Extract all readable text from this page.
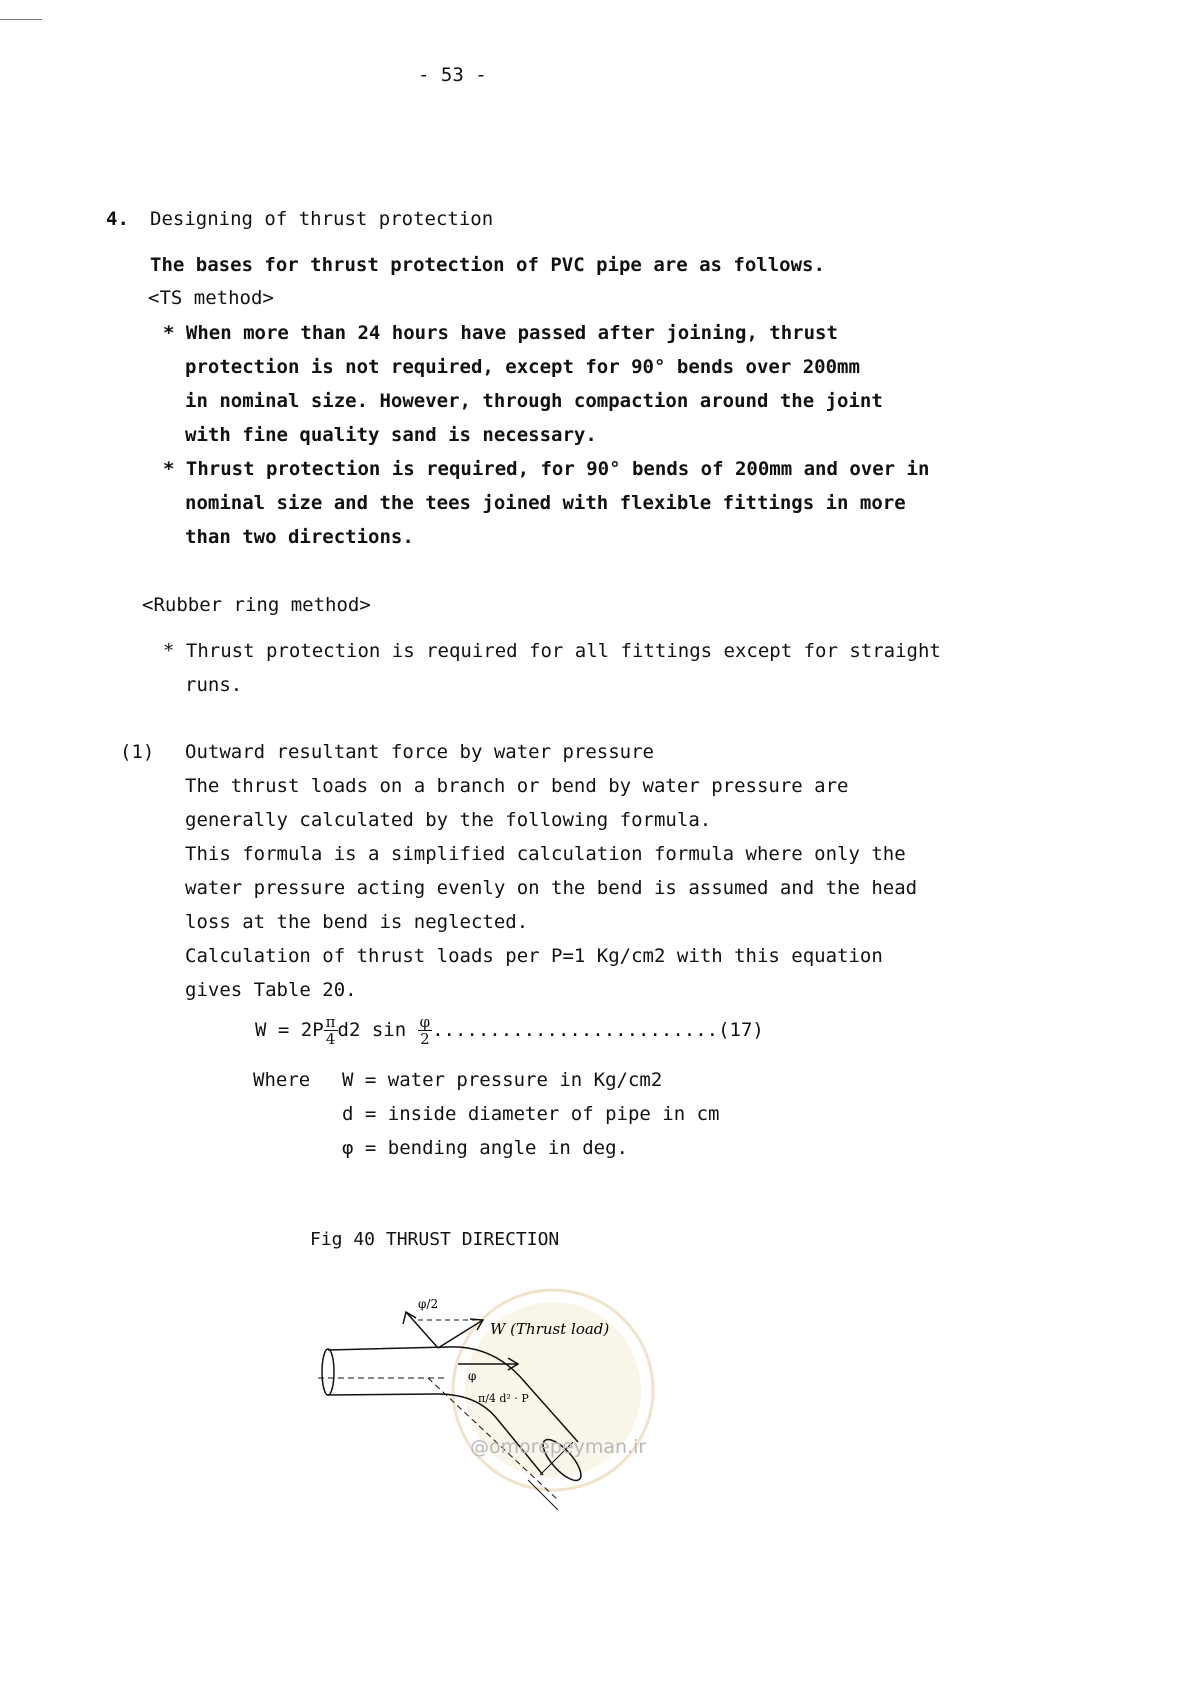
- 53 -
4. Designing of thrust protection
The bases for thrust protection of PVC pipe are as follows.
<TS method>
* When more than 24 hours have passed after joining, thrust
protection is not required, except for 90° bends over 200mm
in nominal size. However, through compaction around the joint
with fine quality sand is necessary.
* Thrust protection is required, for 90° bends of 200mm and over in
nominal size and the tees joined with flexible fittings in more
than two directions.
<Rubber ring method>
* Thrust protection is required for all fittings except for straight
runs.
(1) Outward resultant force by water pressure
The thrust loads on a branch or bend by water pressure are
generally calculated by the following formula.
This formula is a simplified calculation formula where only the
water pressure acting evenly on the bend is assumed and the head
loss at the bend is neglected.
Calculation of thrust loads per P=1 Kg/cm2 with this equation
gives Table 20.
$W = 2P \frac{\pi}{4} d2$ $\sin \frac{\varphi}{2} .........................(17)$
Where W = water pressure in Kg/cm2
d = inside diameter of pipe in cm
φ = bending angle in deg.
Fig 40 THRUST DIRECTION
φ/2
W (Thrust load)
φ
π/4 d² · P
@omorepeyman.ir
